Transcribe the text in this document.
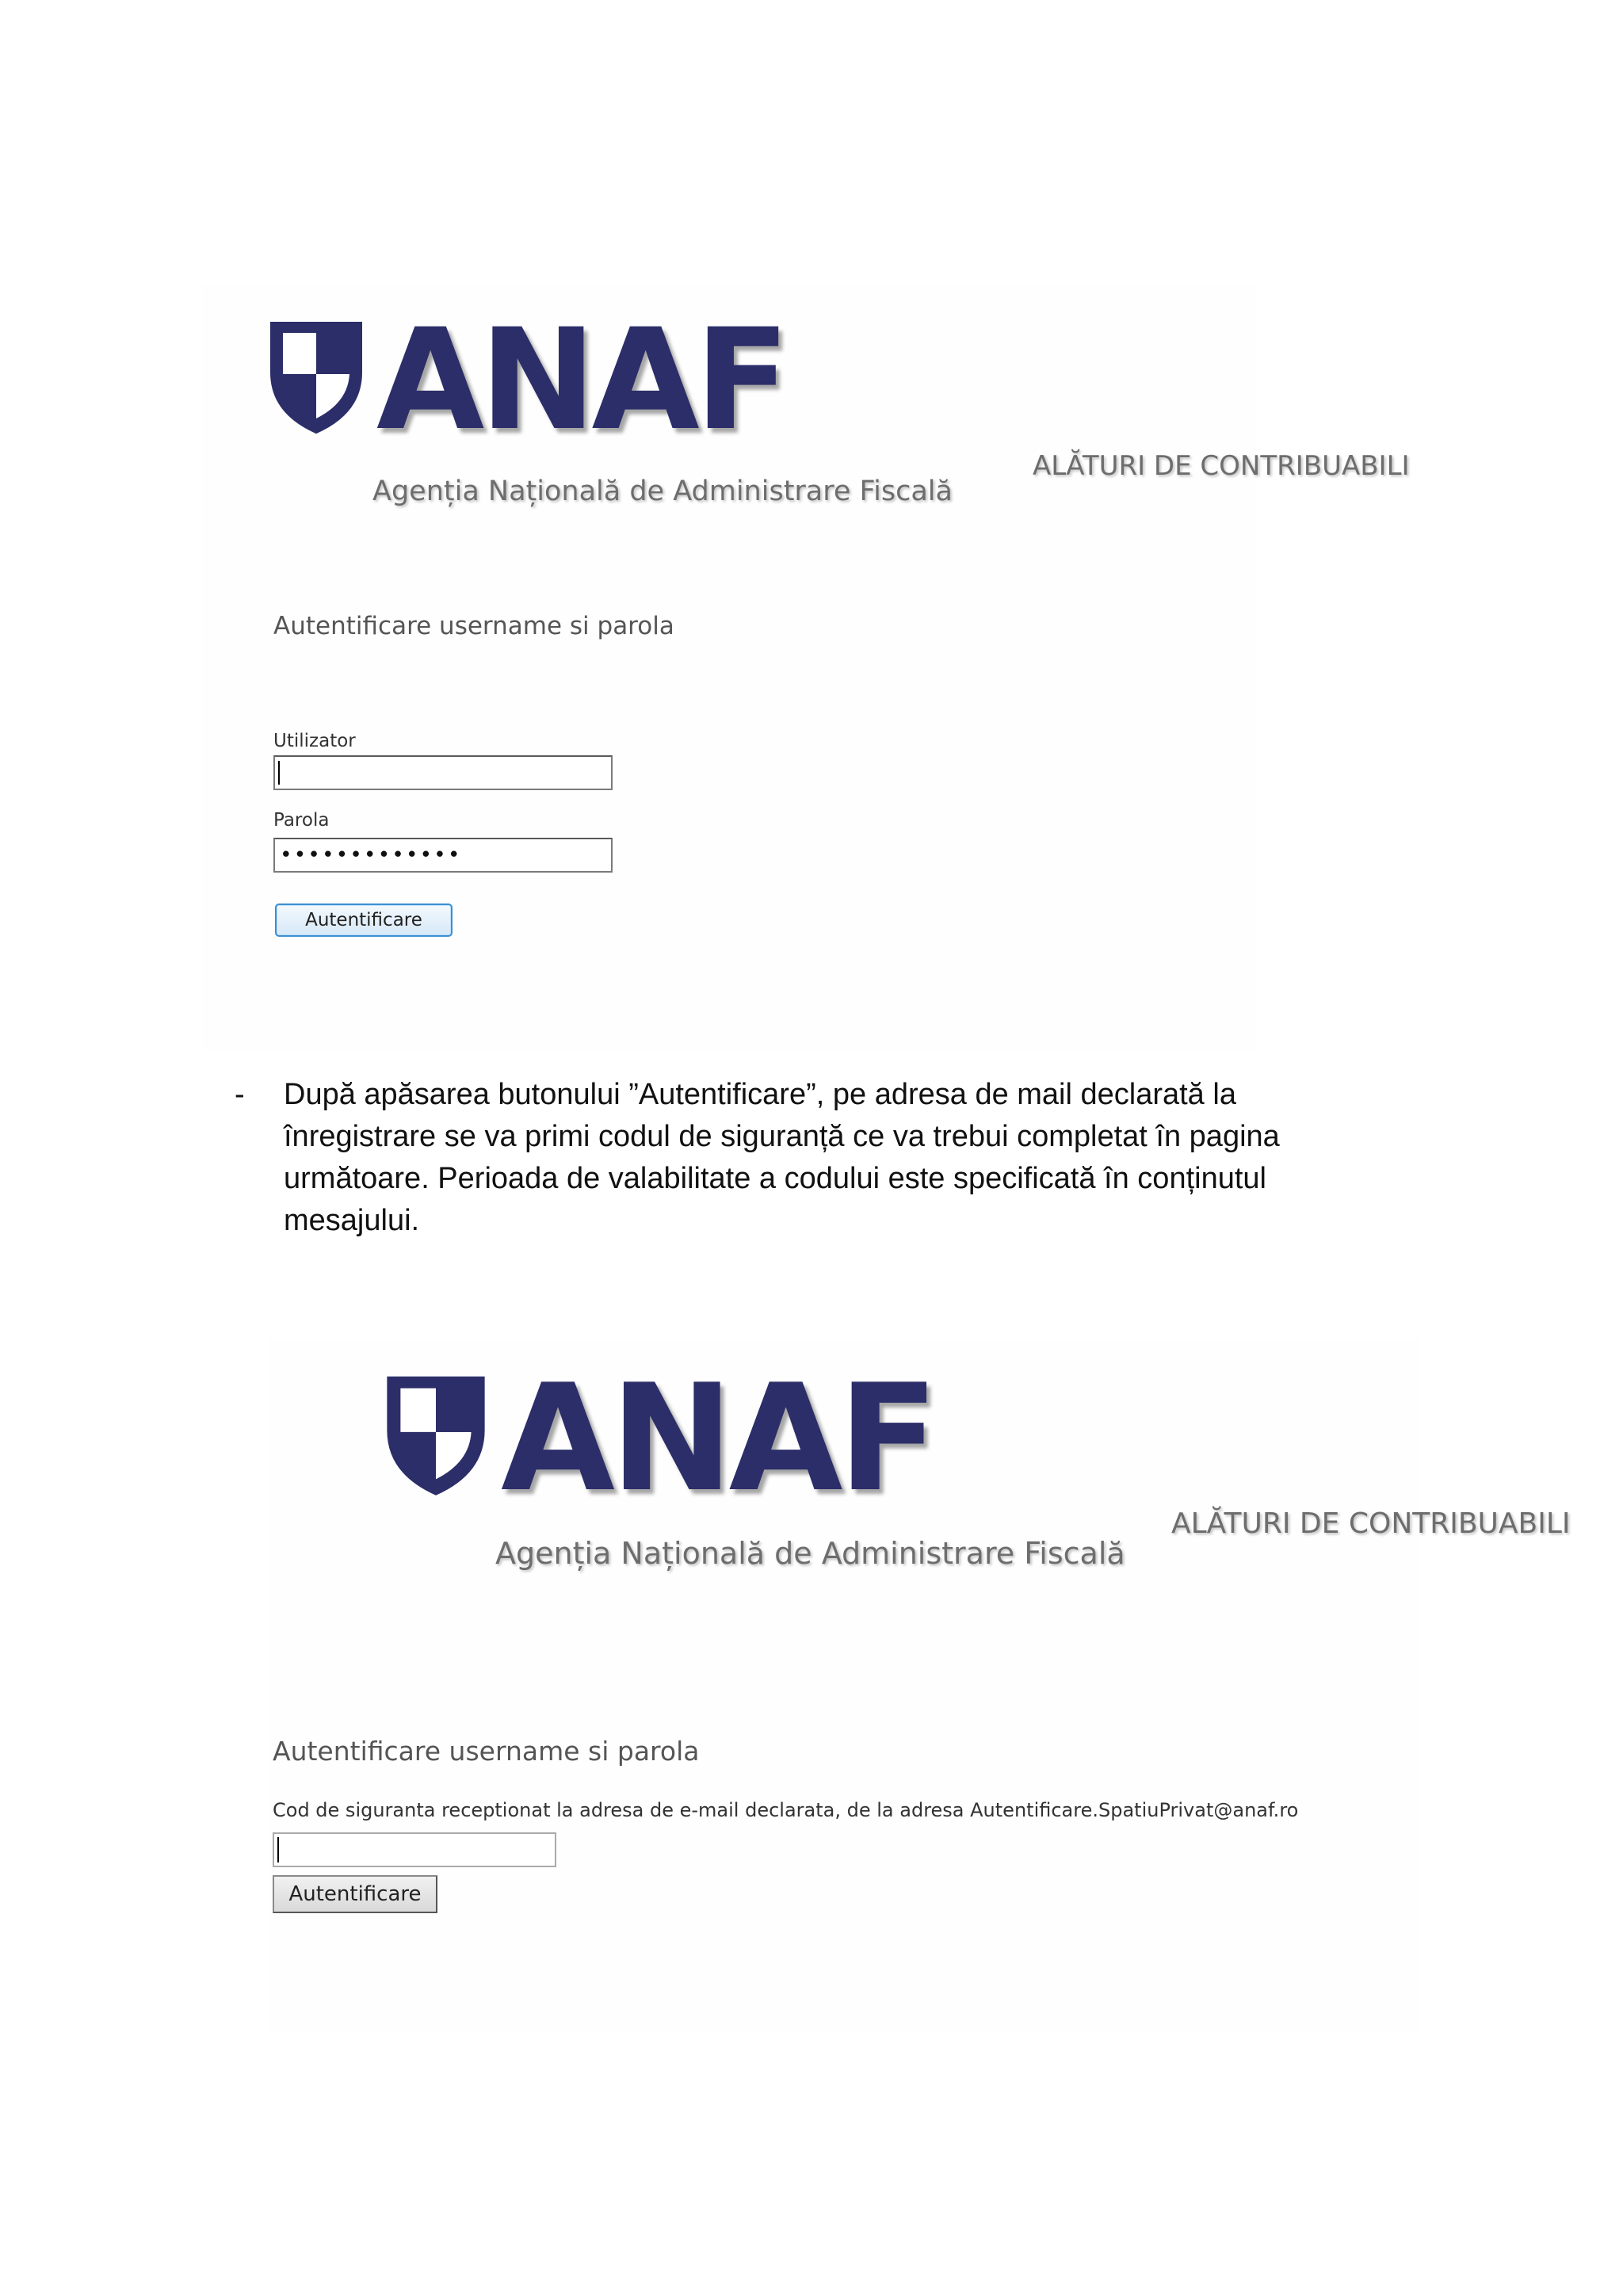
ANAF
Agenția Națională de Administrare Fiscală
ALĂTURI DE CONTRIBUABILI
Autentificare username si parola
Utilizator
Parola
•••••••••••••
Autentificare
- După apăsarea butonului ”Autentificare”, pe adresa de mail declarată la înregistrare se va primi codul de siguranță ce va trebui completat în pagina următoare. Perioada de valabilitate a codului este specificată în conținutul mesajului.
ANAF
Agenția Națională de Administrare Fiscală
ALĂTURI DE CONTRIBUABILI
Autentificare username si parola
Cod de siguranta receptionat la adresa de e-mail declarata, de la adresa Autentificare.SpatiuPrivat@anaf.ro
Autentificare
